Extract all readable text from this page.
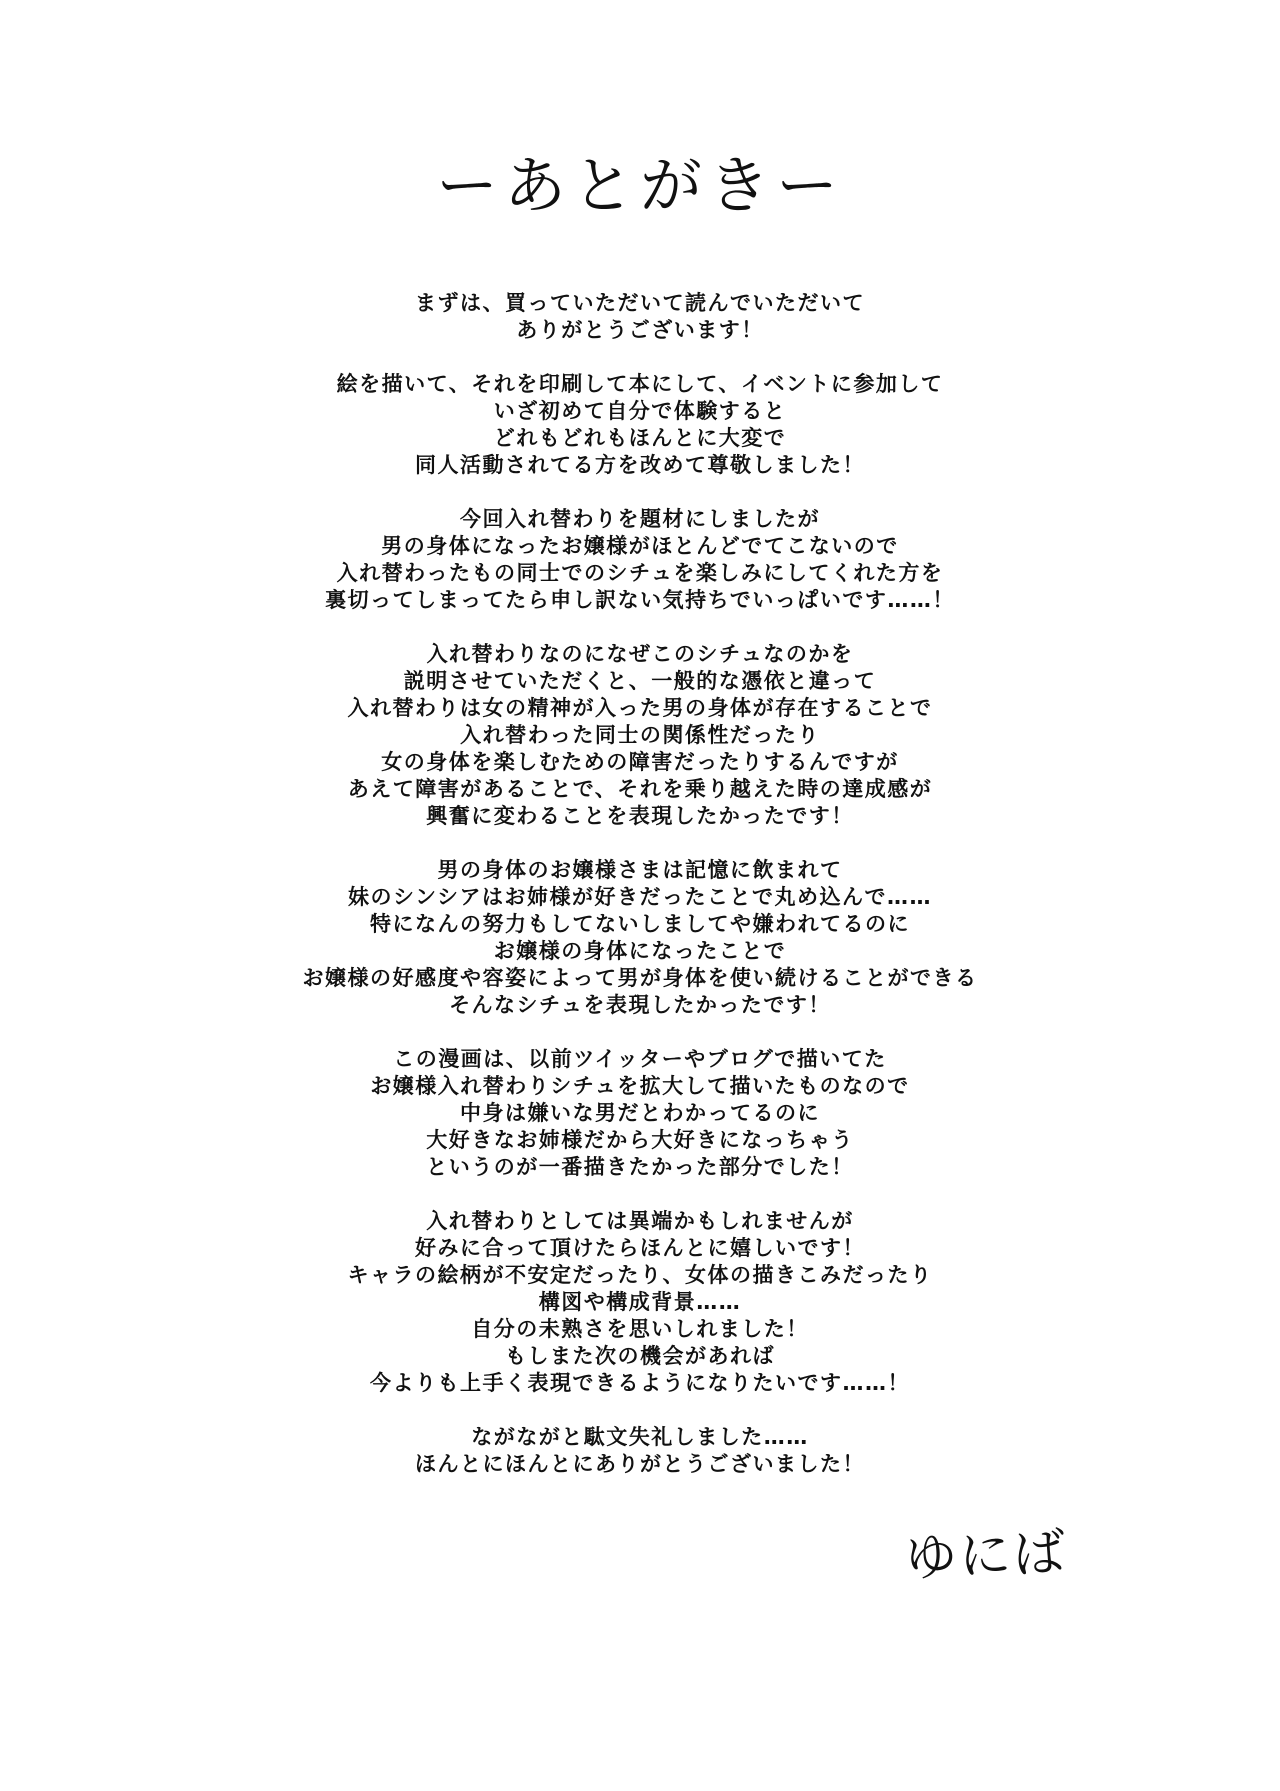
ーあとがきー
まずは、買っていただいて読んでいただいて
ありがとうございます！
絵を描いて、それを印刷して本にして、イベントに参加して
いざ初めて自分で体験すると
どれもどれもほんとに大変で
同人活動されてる方を改めて尊敬しました！
今回入れ替わりを題材にしましたが
男の身体になったお嬢様がほとんどでてこないので
入れ替わったもの同士でのシチュを楽しみにしてくれた方を
裏切ってしまってたら申し訳ない気持ちでいっぱいです……！
入れ替わりなのになぜこのシチュなのかを
説明させていただくと、一般的な憑依と違って
入れ替わりは女の精神が入った男の身体が存在することで
入れ替わった同士の関係性だったり
女の身体を楽しむための障害だったりするんですが
あえて障害があることで、それを乗り越えた時の達成感が
興奮に変わることを表現したかったです！
男の身体のお嬢様さまは記憶に飲まれて
妹のシンシアはお姉様が好きだったことで丸め込んで……
特になんの努力もしてないしましてや嫌われてるのに
お嬢様の身体になったことで
お嬢様の好感度や容姿によって男が身体を使い続けることができる
そんなシチュを表現したかったです！
この漫画は、以前ツイッターやブログで描いてた
お嬢様入れ替わりシチュを拡大して描いたものなので
中身は嫌いな男だとわかってるのに
大好きなお姉様だから大好きになっちゃう
というのが一番描きたかった部分でした！
入れ替わりとしては異端かもしれませんが
好みに合って頂けたらほんとに嬉しいです！
キャラの絵柄が不安定だったり、女体の描きこみだったり
構図や構成背景……
自分の未熟さを思いしれました！
もしまた次の機会があれば
今よりも上手く表現できるようになりたいです……！
ながながと駄文失礼しました……
ほんとにほんとにありがとうございました！
ゆにば
